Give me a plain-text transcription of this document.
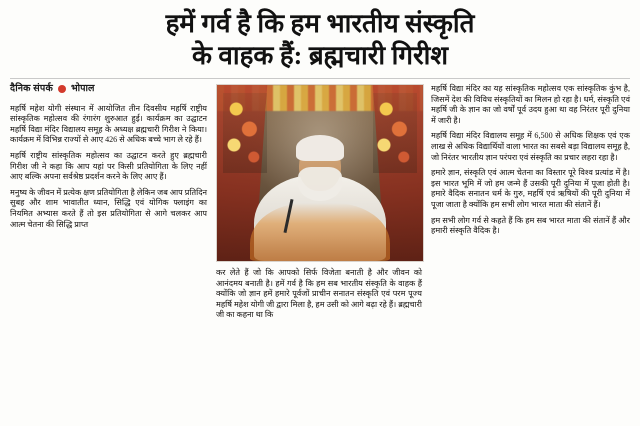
हमें गर्व है कि हम भारतीय संस्कृति
के वाहक हैं: ब्रह्मचारी गिरीश
दैनिक संपर्क भोपाल

महर्षि महेश योगी संस्थान में आयोजित तीन दिवसीय महर्षि राष्ट्रीय सांस्कृतिक महोत्सव की रंगारंग शुरुआत हुई। कार्यक्रम का उद्घाटन महर्षि विद्या मंदिर विद्यालय समूह के अध्यक्ष ब्रह्मचारी गिरीश ने किया। कार्यक्रम में विभिन्न राज्यों से आए 426 से अधिक बच्चे भाग ले रहे हैं।

महर्षि राष्ट्रीय सांस्कृतिक महोत्सव का उद्घाटन करते हुए ब्रह्मचारी गिरीश जी ने कहा कि आप यहां पर किसी प्रतियोगिता के लिए नहीं आए बल्कि अपना सर्वश्रेष्ठ प्रदर्शन करने के लिए आए हैं।

मनुष्य के जीवन में प्रत्येक क्षण प्रतियोगिता है लेकिन जब आप प्रतिदिन सुबह और शाम भावातीत ध्यान, सिद्धि एवं योगिक फ्लाइंग का नियमित अभ्यास करते हैं तो इस प्रतियोगिता से आगे चलकर आप आत्म चेतना की सिद्धि प्राप्त

कर लेते हैं जो कि आपको सिर्फ विजेता बनाती है और जीवन को आनंदमय बनाती है। हमें गर्व है कि हम सब भारतीय संस्कृति के वाहक हैं क्योंकि जो ज्ञान हमें हमारे पूर्वजों प्राचीन सनातन संस्कृति एवं परम पूज्य महर्षि महेश योगी जी द्वारा मिला है, हम उसी को आगे बढ़ा रहे हैं। ब्रह्मचारी जी का कहना था कि

महर्षि विद्या मंदिर का यह सांस्कृतिक महोत्सव एक सांस्कृतिक कुंभ है, जिसमें देश की विविध संस्कृतियों का मिलन हो रहा है। धर्म, संस्कृति एवं महर्षि जी के ज्ञान का जो वर्षों पूर्व उदय हुआ था वह निरंतर पूरी दुनिया में जारी है।

महर्षि विद्या मंदिर विद्यालय समूह में 6,500 से अधिक शिक्षक एवं एक लाख से अधिक विद्यार्थियों वाला भारत का सबसे बड़ा विद्यालय समूह है, जो निरंतर भारतीय ज्ञान परंपरा एवं संस्कृति का प्रचार लहरा रहा है।

हमारे ज्ञान, संस्कृति एवं आत्म चेतना का विस्तार पूरे विश्व प्रत्यांड में है। इस भारत भूमि में जो हम जन्मे हैं उसकी पूरी दुनिया में पूजा होती है। हमारे वैदिक सनातन धर्म के गुरु, महर्षि एवं ऋषियों की पूरी दुनिया में पूजा जाता है क्योंकि हम सभी लोग भारत माता की संतानें हैं।

हम सभी लोग गर्व से कहते हैं कि हम सब भारत माता की संतानें हैं और हमारी संस्कृति वैदिक है।
